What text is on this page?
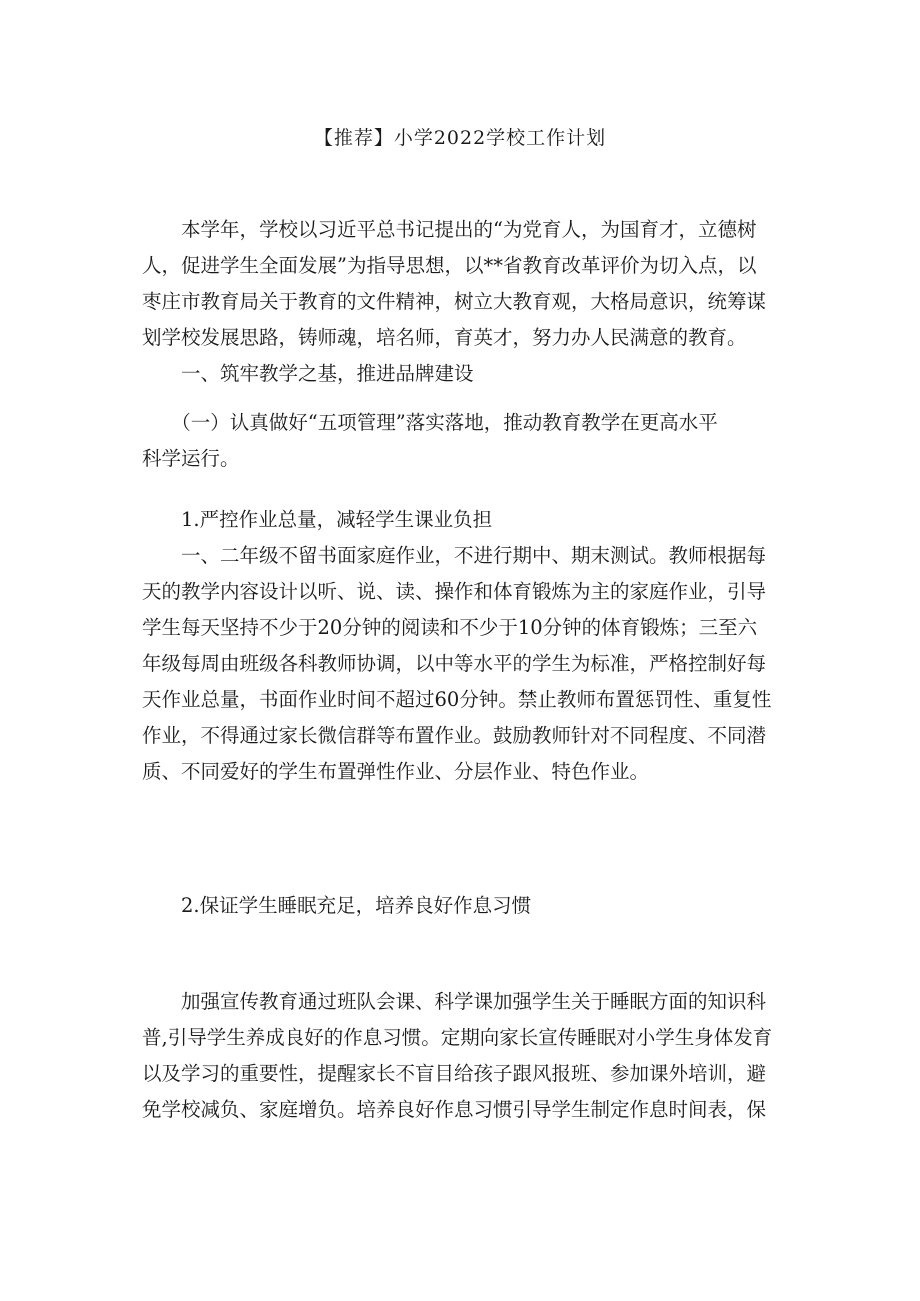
【推荐】小学2022学校工作计划
　　本学年，学校以习近平总书记提出的“为党育人，为国育才，立德树
人，促进学生全面发展”为指导思想，以**省教育改革评价为切入点，以
枣庄市教育局关于教育的文件精神，树立大教育观，大格局意识，统筹谋
划学校发展思路，铸师魂，培名师，育英才，努力办人民满意的教育。
　　一、筑牢教学之基，推进品牌建设
　　（一）认真做好“五项管理”落实落地，推动教育教学在更高水平
科学运行。
　　1.严控作业总量，减轻学生课业负担
　　一、二年级不留书面家庭作业，不进行期中、期末测试。教师根据每
天的教学内容设计以听、说、读、操作和体育锻炼为主的家庭作业，引导
学生每天坚持不少于20分钟的阅读和不少于10分钟的体育锻炼；三至六
年级每周由班级各科教师协调，以中等水平的学生为标准，严格控制好每
天作业总量，书面作业时间不超过60分钟。禁止教师布置惩罚性、重复性
作业，不得通过家长微信群等布置作业。鼓励教师针对不同程度、不同潜
质、不同爱好的学生布置弹性作业、分层作业、特色作业。
　　2.保证学生睡眠充足，培养良好作息习惯
　　加强宣传教育通过班队会课、科学课加强学生关于睡眠方面的知识科
普,引导学生养成良好的作息习惯。定期向家长宣传睡眠对小学生身体发育
以及学习的重要性，提醒家长不盲目给孩子跟风报班、参加课外培训，避
免学校减负、家庭增负。培养良好作息习惯引导学生制定作息时间表，保
